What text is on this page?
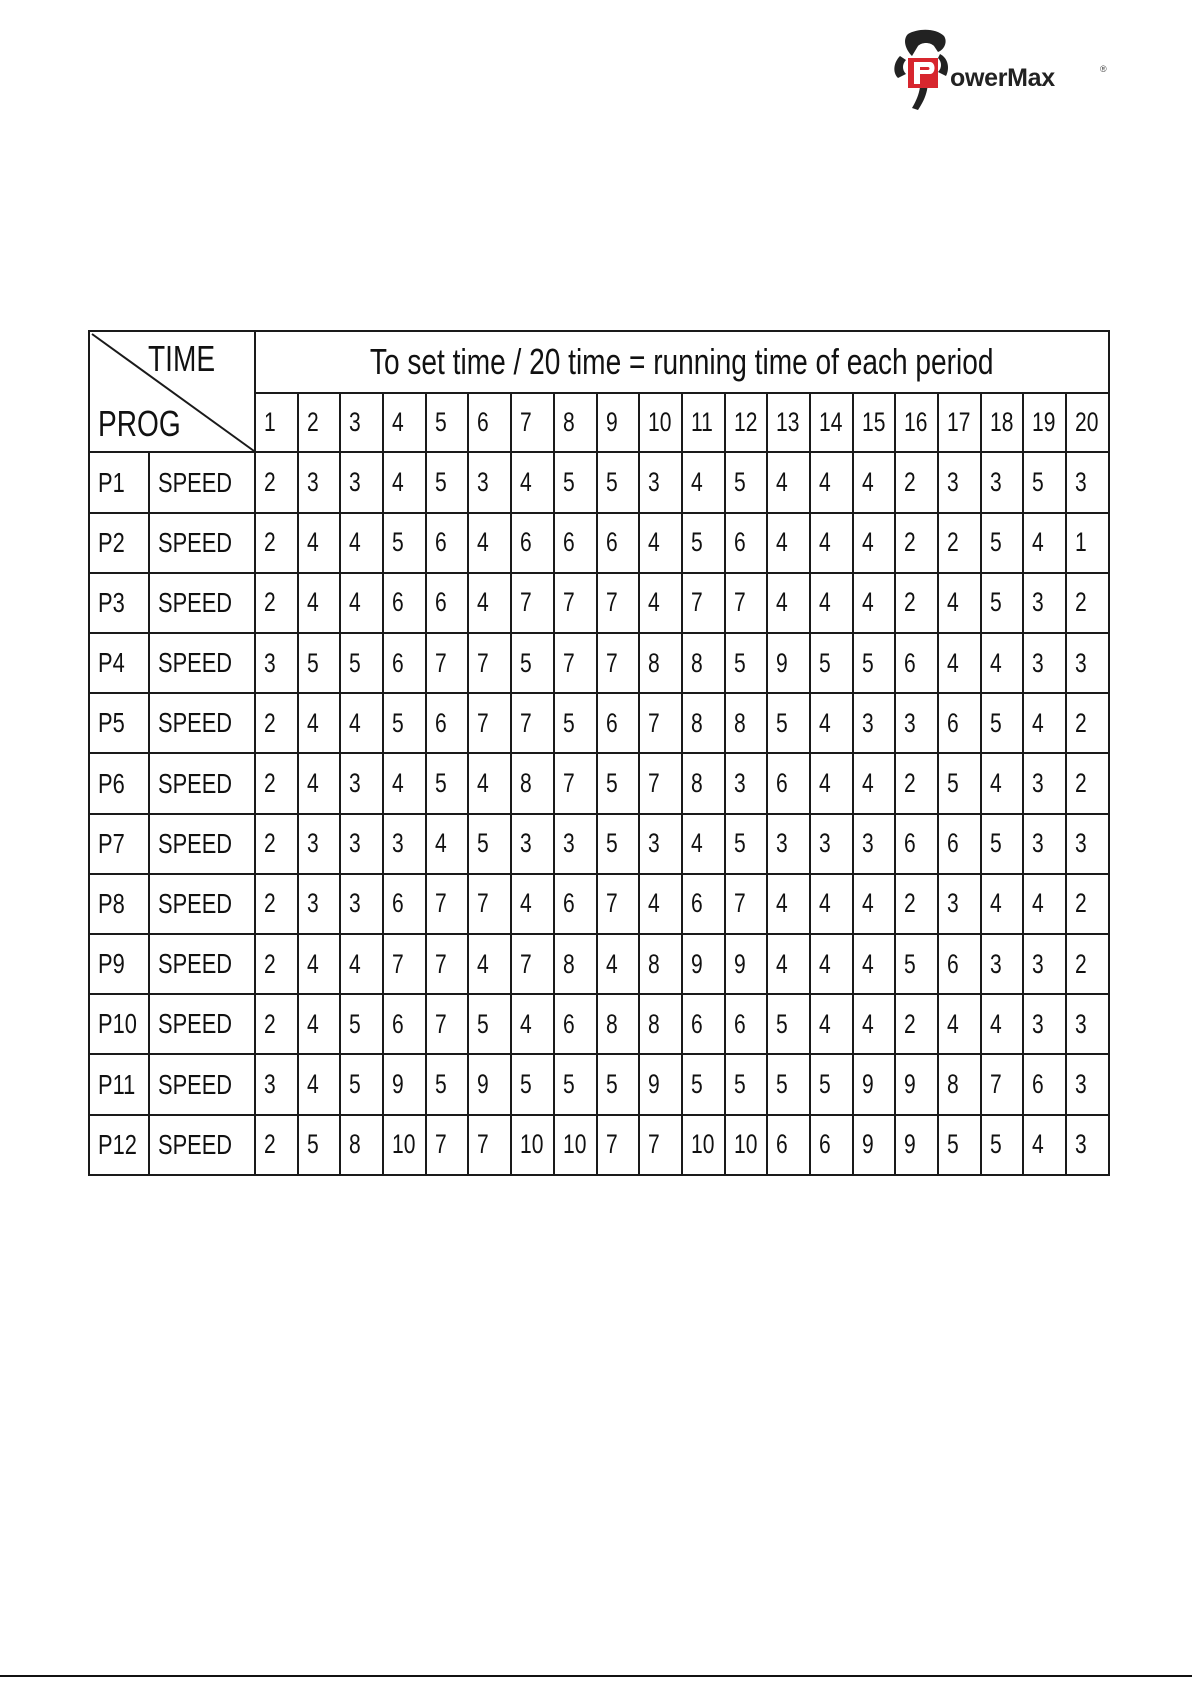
owerMax	®
TIME
PROG		To set time / 20 time = running time of each period																			
		1	2	3	4	5	6	7	8	9	10	11	12	13	14	15	16	17	18	19	20
P1	SPEED	2	3	3	4	5	3	4	5	5	3	4	5	4	4	4	2	3	3	5	3
P2	SPEED	2	4	4	5	6	4	6	6	6	4	5	6	4	4	4	2	2	5	4	1
P3	SPEED	2	4	4	6	6	4	7	7	7	4	7	7	4	4	4	2	4	5	3	2
P4	SPEED	3	5	5	6	7	7	5	7	7	8	8	5	9	5	5	6	4	4	3	3
P5	SPEED	2	4	4	5	6	7	7	5	6	7	8	8	5	4	3	3	6	5	4	2
P6	SPEED	2	4	3	4	5	4	8	7	5	7	8	3	6	4	4	2	5	4	3	2
P7	SPEED	2	3	3	3	4	5	3	3	5	3	4	5	3	3	3	6	6	5	3	3
P8	SPEED	2	3	3	6	7	7	4	6	7	4	6	7	4	4	4	2	3	4	4	2
P9	SPEED	2	4	4	7	7	4	7	8	4	8	9	9	4	4	4	5	6	3	3	2
P10	SPEED	2	4	5	6	7	5	4	6	8	8	6	6	5	4	4	2	4	4	3	3
P11	SPEED	3	4	5	9	5	9	5	5	5	9	5	5	5	5	9	9	8	7	6	3
P12	SPEED	2	5	8	10	7	7	10	10	7	7	10	10	6	6	9	9	5	5	4	3
